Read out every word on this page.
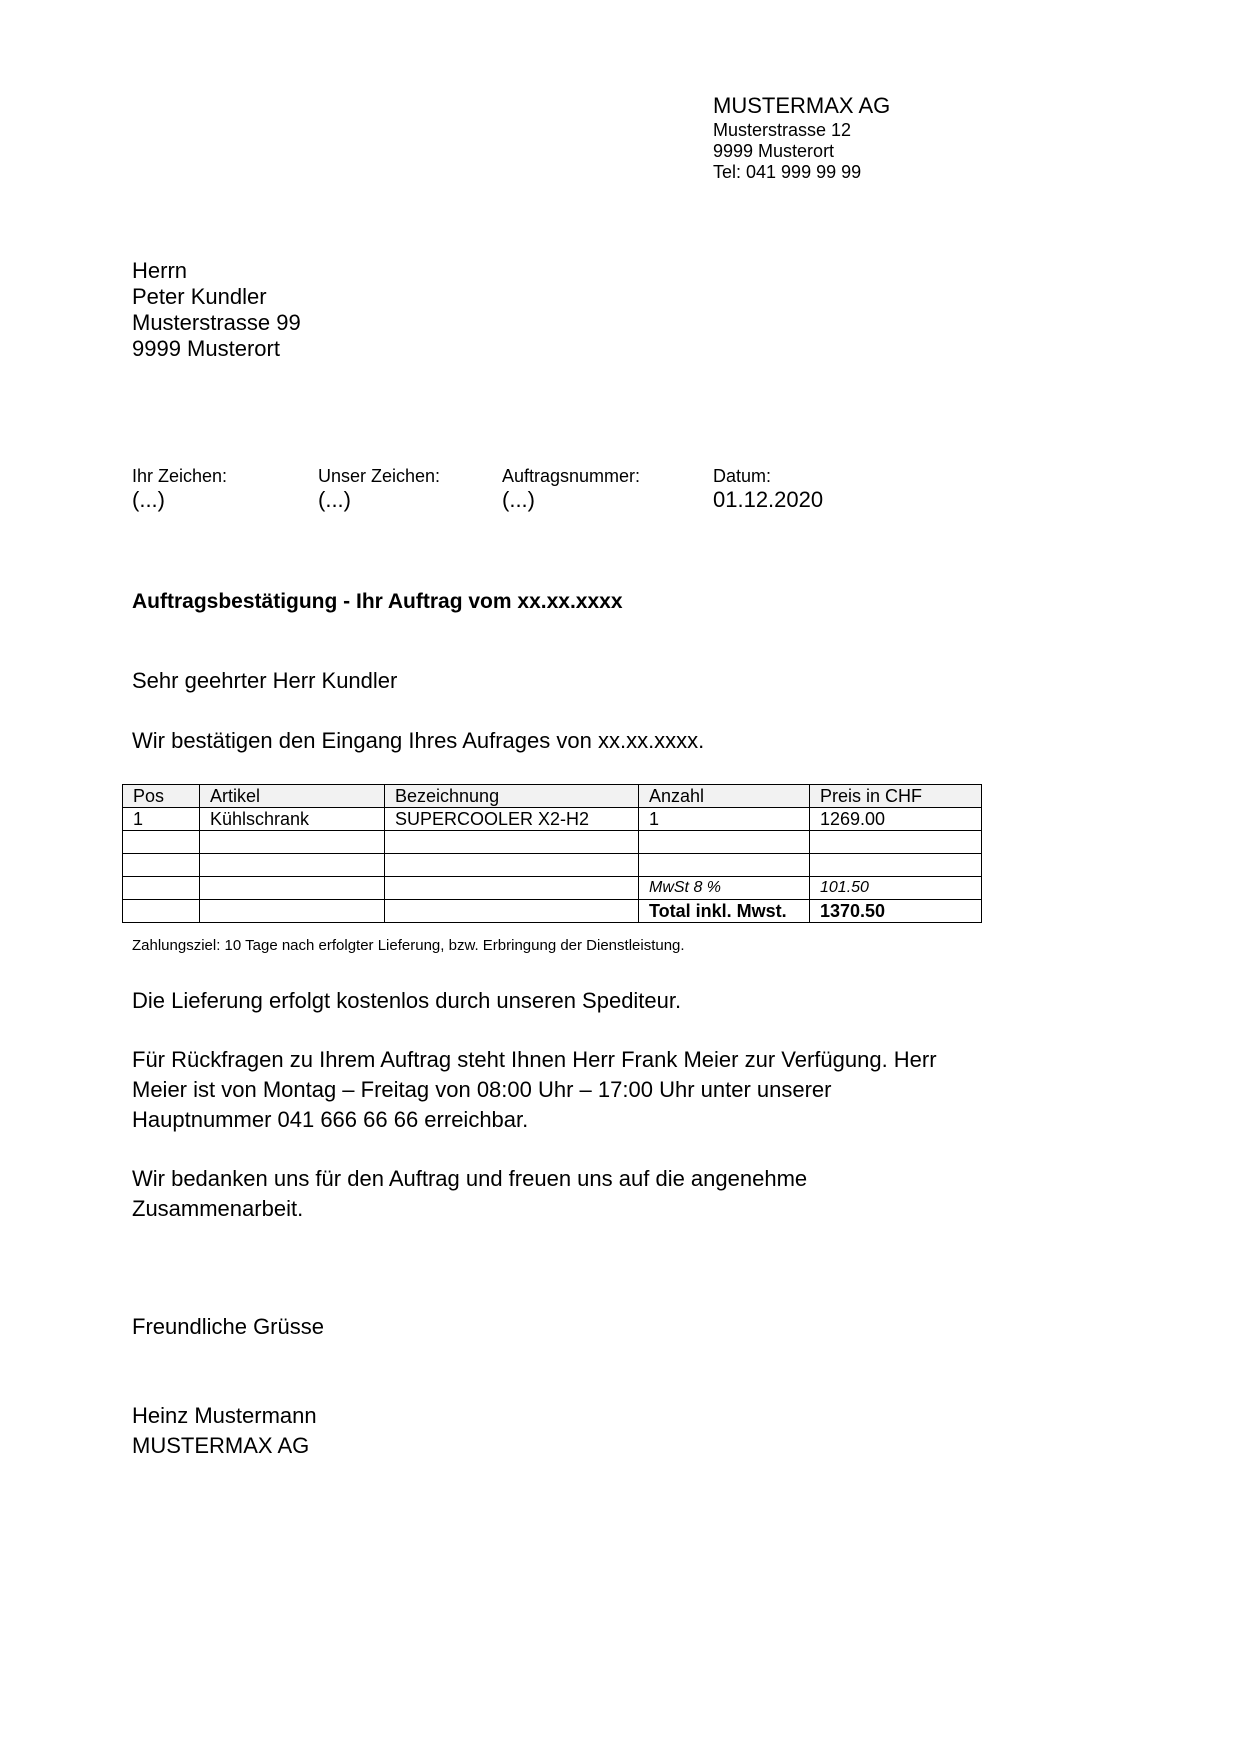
MUSTERMAX AG
Musterstrasse 12
9999 Musterort
Tel: 041 999 99 99
Herrn
Peter Kundler
Musterstrasse 99
9999 Musterort
Ihr Zeichen:
(...)
Unser Zeichen:
(...)
Auftragsnummer:
(...)
Datum:
01.12.2020
Auftragsbestätigung - Ihr Auftrag vom xx.xx.xxxx
Sehr geehrter Herr Kundler
Wir bestätigen den Eingang Ihres Aufrages von xx.xx.xxxx.
Pos	Artikel	Bezeichnung	Anzahl	Preis in CHF
1	Kühlschrank	SUPERCOOLER X2-H2	1	1269.00

			MwSt 8 %	101.50
			Total inkl. Mwst.	1370.50
Zahlungsziel: 10 Tage nach erfolgter Lieferung, bzw. Erbringung der Dienstleistung.
Die Lieferung erfolgt kostenlos durch unseren Spediteur.
Für Rückfragen zu Ihrem Auftrag steht Ihnen Herr Frank Meier zur Verfügung. Herr
Meier ist von Montag – Freitag von 08:00 Uhr – 17:00 Uhr unter unserer
Hauptnummer 041 666 66 66 erreichbar.
Wir bedanken uns für den Auftrag und freuen uns auf die angenehme
Zusammenarbeit.
Freundliche Grüsse
Heinz Mustermann
MUSTERMAX AG
